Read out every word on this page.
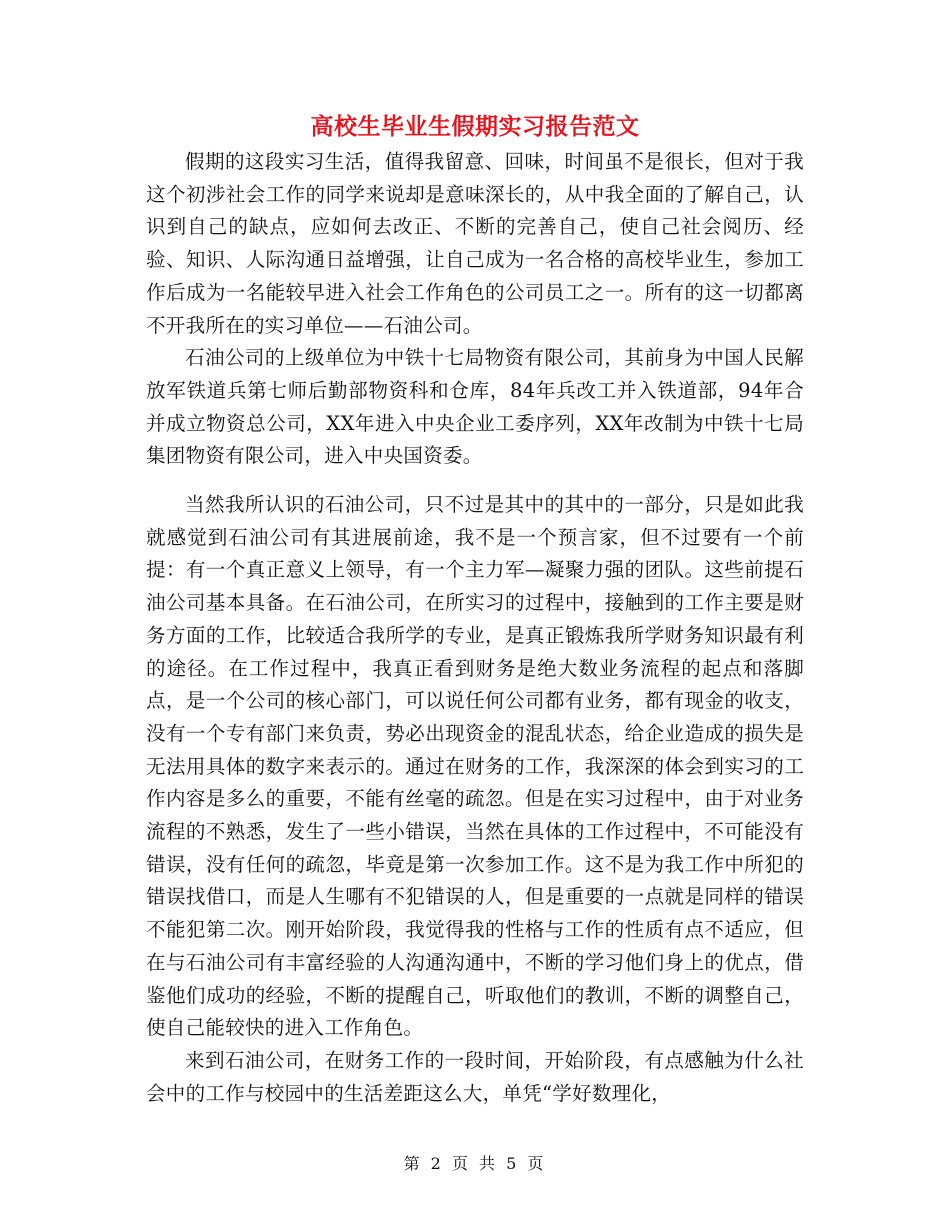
高校生毕业生假期实习报告范文

假期的这段实习生活，值得我留意、回味，时间虽不是很长，但对于我这个初涉社会工作的同学来说却是意味深长的，从中我全面的了解自己，认识到自己的缺点，应如何去改正、不断的完善自己，使自己社会阅历、经验、知识、人际沟通日益增强，让自己成为一名合格的高校毕业生，参加工作后成为一名能较早进入社会工作角色的公司员工之一。所有的这一切都离不开我所在的实习单位——石油公司。

石油公司的上级单位为中铁十七局物资有限公司，其前身为中国人民解放军铁道兵第七师后勤部物资科和仓库，84年兵改工并入铁道部，94年合并成立物资总公司，XX年进入中央企业工委序列，XX年改制为中铁十七局集团物资有限公司，进入中央国资委。

当然我所认识的石油公司，只不过是其中的其中的一部分，只是如此我就感觉到石油公司有其进展前途，我不是一个预言家，但不过要有一个前提：有一个真正意义上领导，有一个主力军—凝聚力强的团队。这些前提石油公司基本具备。在石油公司，在所实习的过程中，接触到的工作主要是财务方面的工作，比较适合我所学的专业，是真正锻炼我所学财务知识最有利的途径。在工作过程中，我真正看到财务是绝大数业务流程的起点和落脚点，是一个公司的核心部门，可以说任何公司都有业务，都有现金的收支，没有一个专有部门来负责，势必出现资金的混乱状态，给企业造成的损失是无法用具体的数字来表示的。通过在财务的工作，我深深的体会到实习的工作内容是多么的重要，不能有丝毫的疏忽。但是在实习过程中，由于对业务流程的不熟悉，发生了一些小错误，当然在具体的工作过程中，不可能没有错误，没有任何的疏忽，毕竟是第一次参加工作。这不是为我工作中所犯的错误找借口，而是人生哪有不犯错误的人，但是重要的一点就是同样的错误不能犯第二次。刚开始阶段，我觉得我的性格与工作的性质有点不适应，但在与石油公司有丰富经验的人沟通沟通中，不断的学习他们身上的优点，借鉴他们成功的经验，不断的提醒自己，听取他们的教训，不断的调整自己，使自己能较快的进入工作角色。

来到石油公司，在财务工作的一段时间，开始阶段，有点感触为什么社会中的工作与校园中的生活差距这么大，单凭“学好数理化，

第 2 页 共 5 页
